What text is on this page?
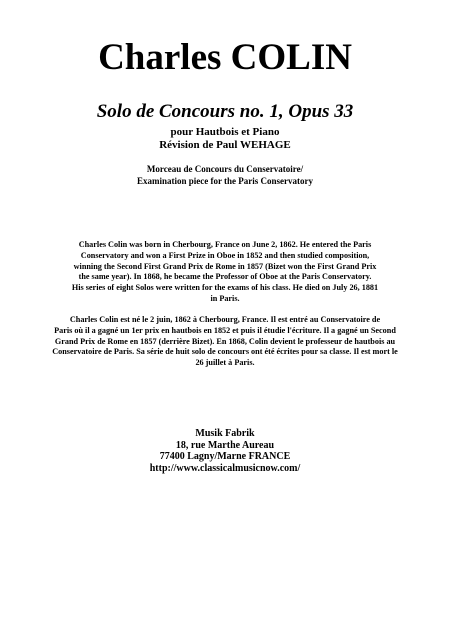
Charles COLIN
Solo de Concours no. 1, Opus 33
pour Hautbois et Piano
Révision de Paul WEHAGE
Morceau de Concours du Conservatoire/
Examination piece for the Paris Conservatory
Charles Colin was born in Cherbourg, France on June 2, 1862. He entered the Paris
Conservatory and won a First Prize in Oboe in 1852 and then studied composition,
winning the Second First Grand Prix de Rome in 1857 (Bizet won the First Grand Prix
the same year). In 1868, he became the Professor of Oboe at the Paris Conservatory.
His series of eight Solos were written for the exams of his class. He died on July 26, 1881
in Paris.
Charles Colin est né le 2 juin, 1862 à Cherbourg, France. Il est entré au Conservatoire de
Paris où il a gagné un 1er prix en hautbois en 1852 et puis il étudie l'écriture. Il a gagné un Second
Grand Prix de Rome en 1857 (derrière Bizet). En 1868, Colin devient le professeur de hautbois au
Conservatoire de Paris. Sa série de huit solo de concours ont été écrites pour sa classe. Il est mort le
26 juillet à Paris.
Musik Fabrik
18, rue Marthe Aureau
77400 Lagny/Marne FRANCE
http://www.classicalmusicnow.com/
